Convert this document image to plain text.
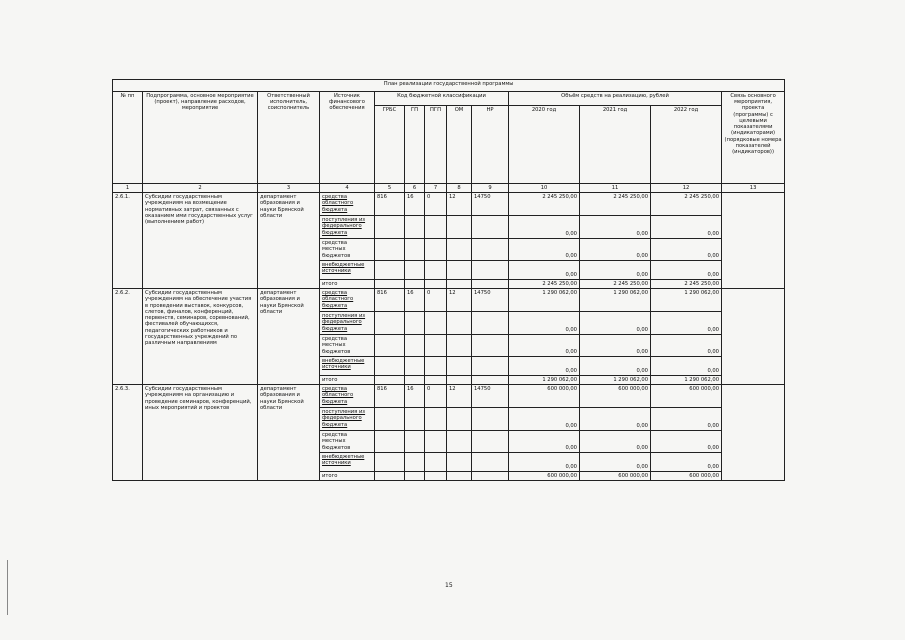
План реализации государственной программы												
№ пп	Подпрограмма, основное мероприятие (проект), направление расходов, мероприятие	Ответственный исполнитель, соисполнитель	Источник финансового обеспечения	Код бюджетной классификации					Объём средств на реализацию, рублей			Связь основного мероприятия, проекта (программы) с целевыми показателями (индикаторами) (порядковые номера показателей (индикаторов))
				ГРБС	ГП	ПГП	ОМ	НР	2020 год	2021 год	2022 год	
1	2	3	4	5	6	7	8	9	10	11	12	13
2.6.1.	Субсидии государственным учреждениям на возмещение нормативных затрат, связанных с оказанием ими государственных услуг (выполнением работ)	департамент образования и науки Брянской области	средства областного бюджета	816	16	0	12	14750	2 245 250,00	2 245 250,00	2 245 250,00	
			поступления из федерального бюджета						0,00	0,00	0,00	
			средства местных бюджетов						0,00	0,00	0,00	
			внебюджетные источники						0,00	0,00	0,00	
			итого						2 245 250,00	2 245 250,00	2 245 250,00	
2.6.2.	Субсидии государственным учреждениям на обеспечение участия в проведении выставок, конкурсов, слетов, финалов, конференций, первенств, семинаров, соревнований, фестивалей обучающихся, педагогических работников и государственных учреждений по различным направлениям	департамент образования и науки Брянской области	средства областного бюджета	816	16	0	12	14750	1 290 062,00	1 290 062,00	1 290 062,00	
			поступления из федерального бюджета						0,00	0,00	0,00	
			средства местных бюджетов						0,00	0,00	0,00	
			внебюджетные источники						0,00	0,00	0,00	
			итого						1 290 062,00	1 290 062,00	1 290 062,00	
2.6.3.	Субсидии государственным учреждениям на организацию и проведение семинаров, конференций, иных мероприятий и проектов	департамент образования и науки Брянской области	средства областного бюджета	816	16	0	12	14750	600 000,00	600 000,00	600 000,00	
			поступления из федерального бюджета						0,00	0,00	0,00	
			средства местных бюджетов						0,00	0,00	0,00	
			внебюджетные источники						0,00	0,00	0,00	
			итого						600 000,00	600 000,00	600 000,00	
15
